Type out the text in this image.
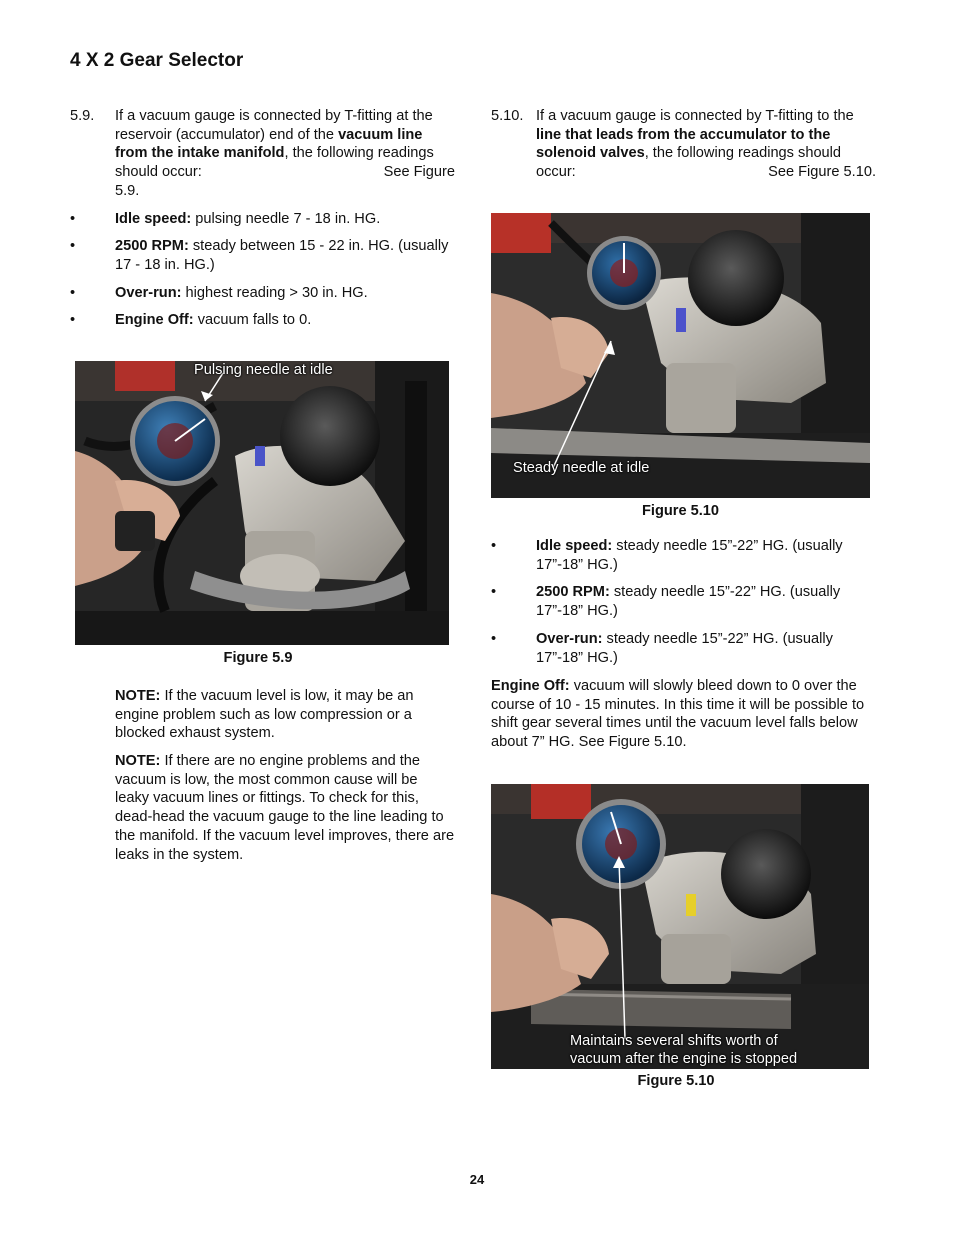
4 X 2 Gear Selector
5.9. If a vacuum gauge is connected by T-fitting at the reservoir (accumulator) end of the vacuum line from the intake manifold, the following readings should occur:	See Figure

5.9.
•	Idle speed: pulsing needle 7 - 18 in. HG.
•	2500 RPM: steady between 15 - 22 in. HG. (usually 17 - 18 in. HG.)
•	Over-run: highest reading > 30 in. HG.
•	Engine Off: vacuum falls to 0.
Pulsing needle at idle
Figure 5.9
NOTE: If the vacuum level is low, it may be an engine problem such as low compression or a blocked exhaust system.
NOTE: If there are no engine problems and the vacuum is low, the most common cause will be leaky vacuum lines or fittings. To check for this, dead-head the vacuum gauge to the line leading to the manifold. If the vacuum level improves, there are leaks in the system.
5.10. If a vacuum gauge is connected by T-fitting to the line that leads from the accumulator to the solenoid valves, the following readings should occur:	See Figure 5.10.
Steady needle at idle
Figure 5.10
•	Idle speed: steady needle 15”-22” HG. (usually 17”-18” HG.)
•	2500 RPM: steady needle 15”-22” HG. (usually 17”-18” HG.)
•	Over-run: steady needle 15”-22” HG. (usually 17”-18” HG.)
Engine Off: vacuum will slowly bleed down to 0 over the course of 10 - 15 minutes. In this time it will be possible to shift gear several times until the vacuum level falls below about 7” HG. See Figure 5.10.
Maintains several shifts worth of
vacuum after the engine is stopped
Figure 5.10
24
